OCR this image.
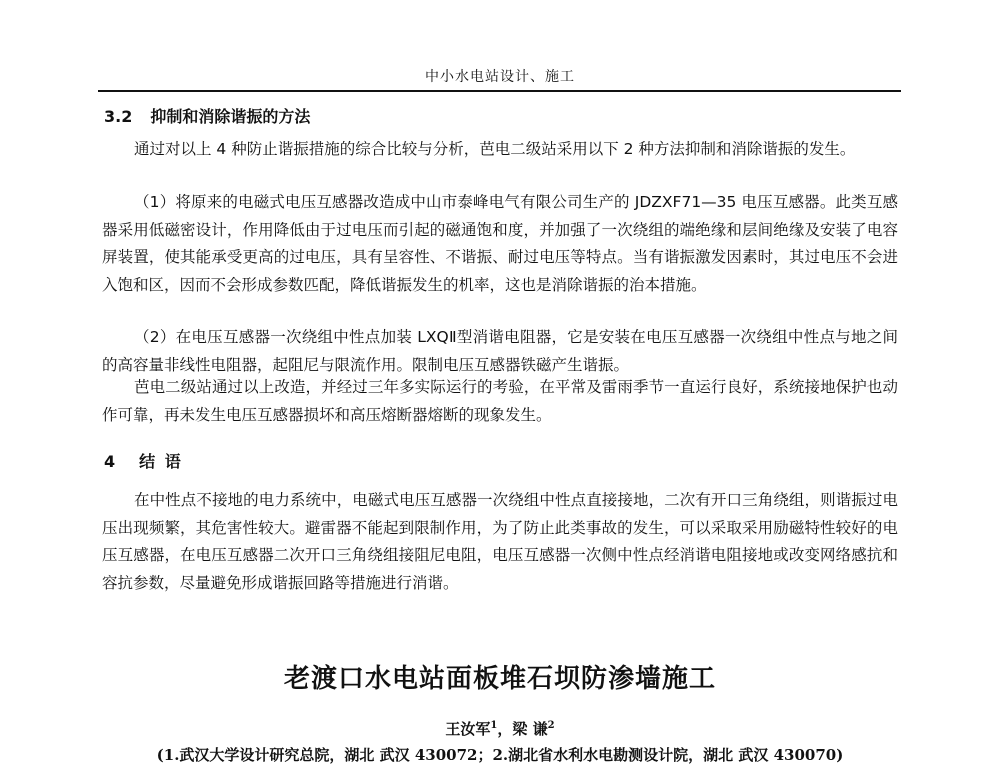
中小水电站设计、施工
3.2 抑制和消除谐振的方法

通过对以上 4 种防止谐振措施的综合比较与分析，芭电二级站采用以下 2 种方法抑制和消除谐振的发生。

（1）将原来的电磁式电压互感器改造成中山市泰峰电气有限公司生产的 JDZXF71—35 电压互感器。此类互感器采用低磁密设计，作用降低由于过电压而引起的磁通饱和度，并加强了一次绕组的端绝缘和层间绝缘及安装了电容屏装置，使其能承受更高的过电压，具有呈容性、不谐振、耐过电压等特点。当有谐振激发因素时，其过电压不会进入饱和区，因而不会形成参数匹配，降低谐振发生的机率，这也是消除谐振的治本措施。

（2）在电压互感器一次绕组中性点加装 LXQⅡ型消谐电阻器，它是安装在电压互感器一次绕组中性点与地之间的高容量非线性电阻器，起阻尼与限流作用。限制电压互感器铁磁产生谐振。

芭电二级站通过以上改造，并经过三年多实际运行的考验，在平常及雷雨季节一直运行良好，系统接地保护也动作可靠，再未发生电压互感器损坏和高压熔断器熔断的现象发生。

4 结 语

在中性点不接地的电力系统中，电磁式电压互感器一次绕组中性点直接接地，二次有开口三角绕组，则谐振过电压出现频繁，其危害性较大。避雷器不能起到限制作用，为了防止此类事故的发生，可以采取采用励磁特性较好的电压互感器，在电压互感器二次开口三角绕组接阻尼电阻，电压互感器一次侧中性点经消谐电阻接地或改变网络感抗和容抗参数，尽量避免形成谐振回路等措施进行消谐。

老渡口水电站面板堆石坝防渗墙施工
王汝军$^1$，梁 谦$^2$
(1.武汉大学设计研究总院，湖北 武汉 430072；2.湖北省水利水电勘测设计院，湖北 武汉 430070)
